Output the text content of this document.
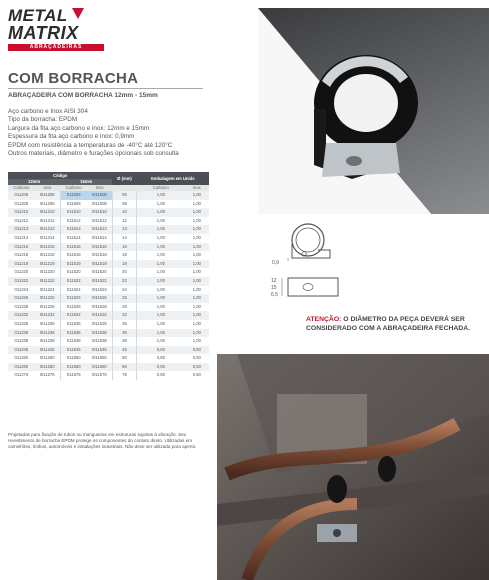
METAL
MATRIX
ABRAÇADEIRAS
COM BORRACHA
ABRAÇADEIRA COM BORRACHA 12mm - 15mm
Aço carbono e Inox AISI 304
Tipo da borracha: EPDM
Largura da fita aço carbono e inox: 12mm e 15mm
Espessura da fita aço carbono e inox: 0,9mm
EPDM com resistência a temperaturas de -40°C até 120°C
Outros materiais, diâmetro e furações opcionais sob consulta
Código				Ø (mm)	Embalagem em Unids	
12mm		15mm				
Carbono	Inox	Carbono	Inox		Carbono	Inox
011206	I011206	011506	I011506	06	1,00	1,00
011208	I011208	011508	I011508	08	1,00	1,00
011210	I011210	011510	I011510	10	1,00	1,00
011212	I011212	011512	I011512	12	1,00	1,00
011213	I011213	011513	I011513	13	1,00	1,00
011214	I011214	011514	I011514	14	1,00	1,00
011216	I011216	011516	I011516	16	1,00	1,00
011218	I011218	011518	I011518	18	1,00	1,00
011219	I011219	011519	I011519	19	1,00	1,00
011220	I011220	011520	I011520	20	1,00	1,00
011222	I011222	011522	I011522	22	1,00	1,00
011224	I011224	011524	I011524	24	1,00	1,00
011225	I011225	011525	I011525	25	1,00	1,00
011228	I011228	011528	I011528	28	1,00	1,00
011232	I011232	011532	I011532	32	1,00	1,00
011235	I011235	011535	I011535	35	1,00	1,00
011236	I011236	011536	I011536	36	1,00	1,00
011238	I011238	011538	I011538	38	1,00	1,00
011245	I011245	011545	I011545	45	0,50	0,50
011250	I011250	011550	I011550	50	0,50	0,50
011260	I011260	011560	I011560	60	0,50	0,50
011276	I011276	011576	I011576	76	0,50	0,50
Projetadas para fixação de tubos ou mangueiras em estruturas sujeitas à vibração. Seu revestimento de borracha EPDM protege os componentes do contato direto. Utilizadas em caminhões, ônibus, automóveis e instalações industriais. Não deve ser utilizada para aperto.
0,9
12
15
6,5
ATENÇÃO: O DIÂMETRO DA PEÇA DEVERÁ SER CONSIDERADO COM A ABRAÇADEIRA FECHADA.
